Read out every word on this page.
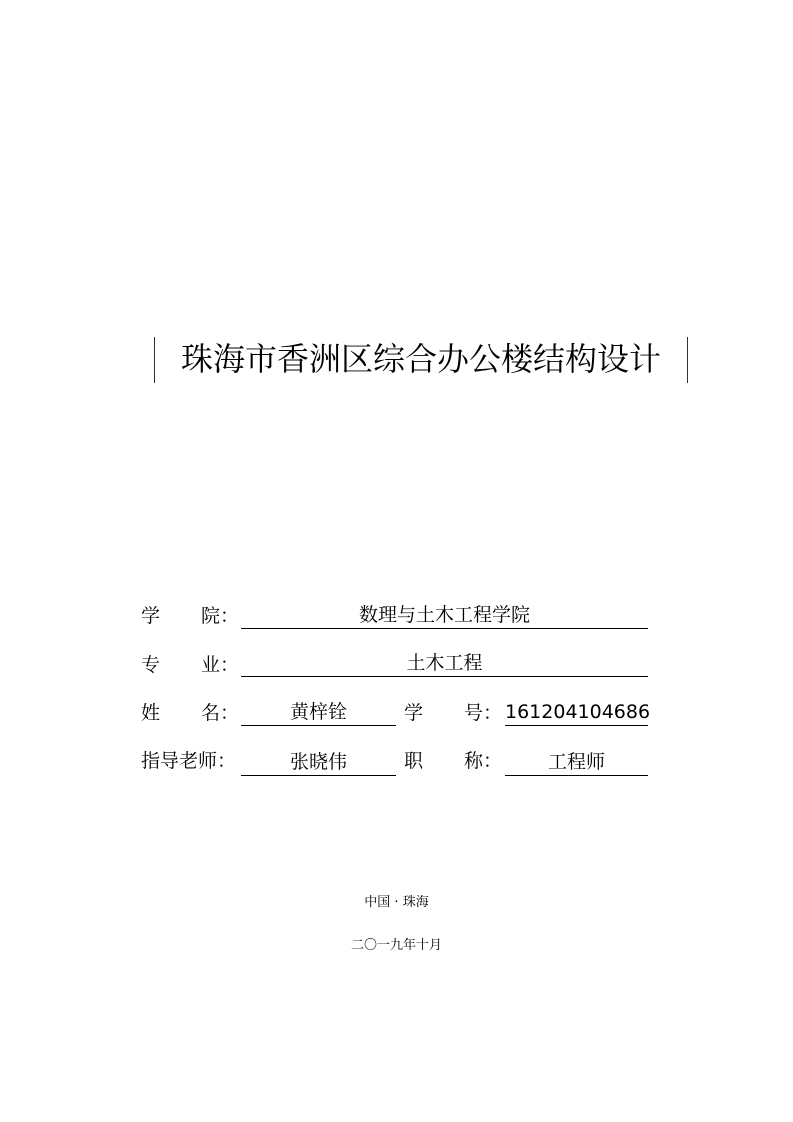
珠海市香洲区综合办公楼结构设计
学 院：	数理与土木工程学院
专 业：	土木工程
姓 名：	黄梓铨	学 号： 161204104686
指导老师：	张晓伟	职 称：	工程师
中国 · 珠海
二〇一九年十月
